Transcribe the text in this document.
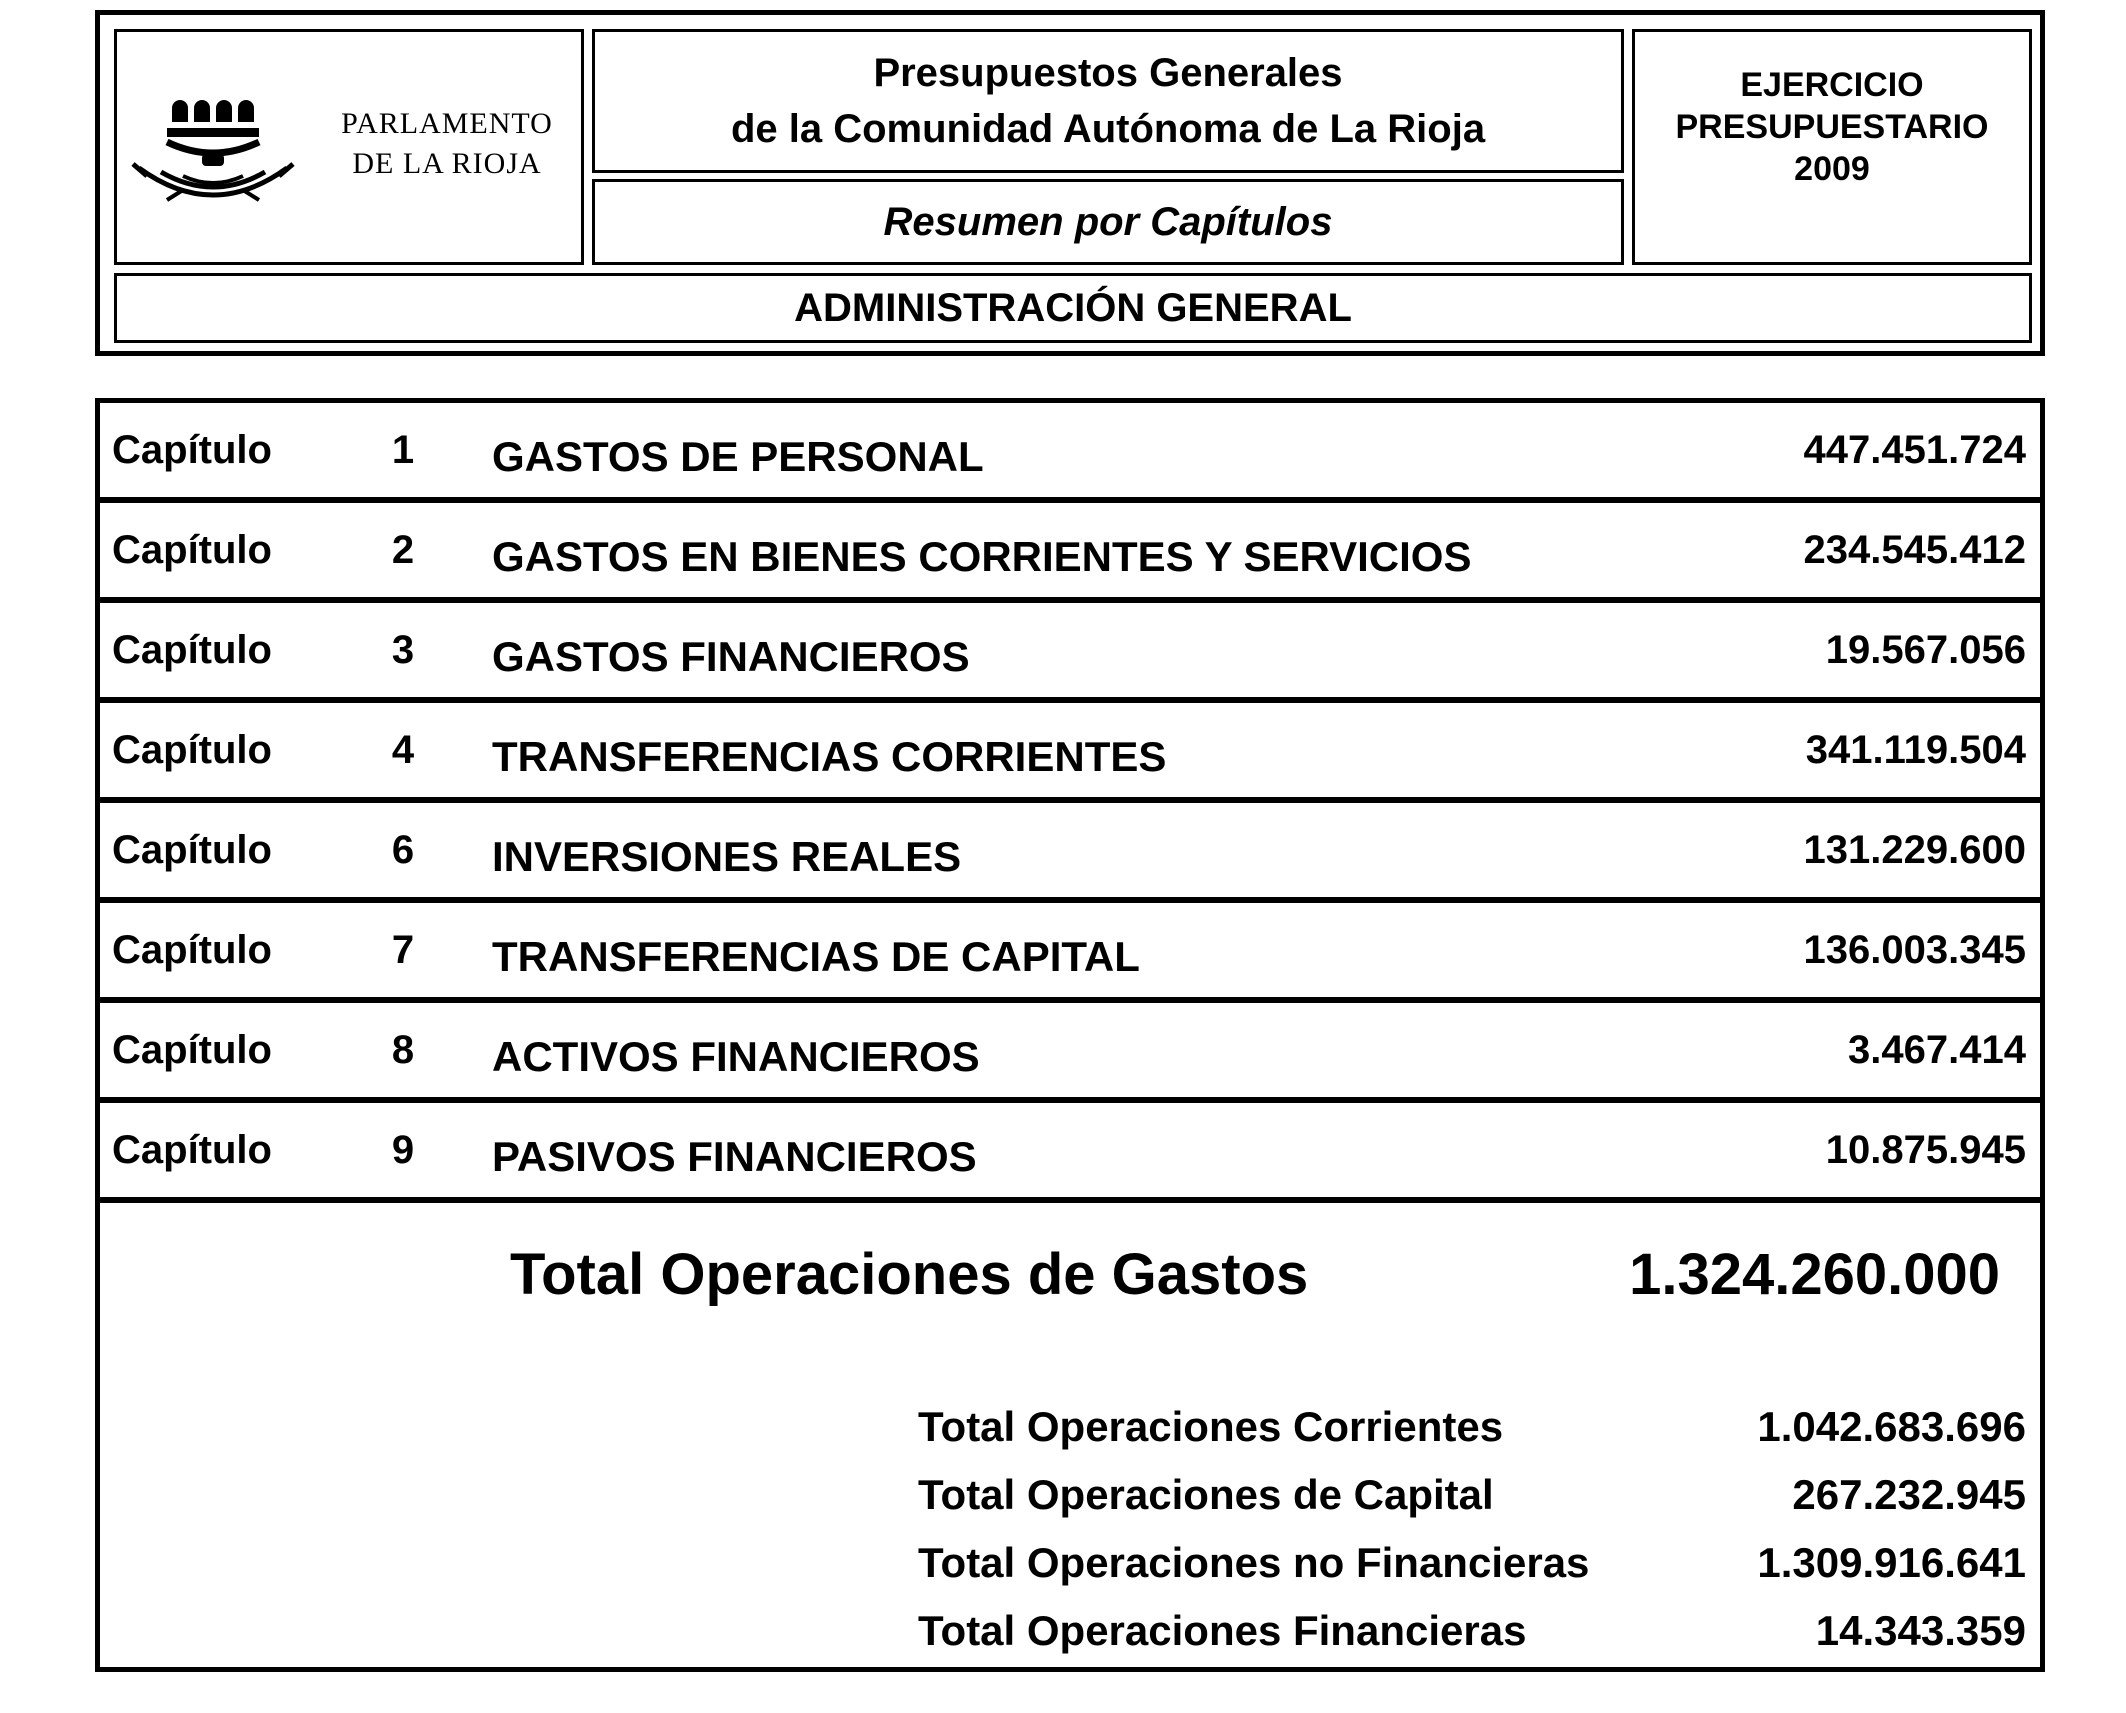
PARLAMENTO
DE LA RIOJA
Presupuestos Generales
de la Comunidad Autónoma de La Rioja
Resumen por Capítulos
EJERCICIO
PRESUPUESTARIO
2009
ADMINISTRACIÓN GENERAL
Capítulo	1	GASTOS DE PERSONAL	447.451.724
Capítulo	2	GASTOS EN BIENES CORRIENTES Y SERVICIOS	234.545.412
Capítulo	3	GASTOS FINANCIEROS	19.567.056
Capítulo	4	TRANSFERENCIAS CORRIENTES	341.119.504
Capítulo	6	INVERSIONES REALES	131.229.600
Capítulo	7	TRANSFERENCIAS DE CAPITAL	136.003.345
Capítulo	8	ACTIVOS FINANCIEROS	3.467.414
Capítulo	9	PASIVOS FINANCIEROS	10.875.945
Total Operaciones de Gastos	1.324.260.000
Total Operaciones Corrientes	1.042.683.696
Total Operaciones de Capital	267.232.945
Total Operaciones no Financieras	1.309.916.641
Total Operaciones Financieras	14.343.359
